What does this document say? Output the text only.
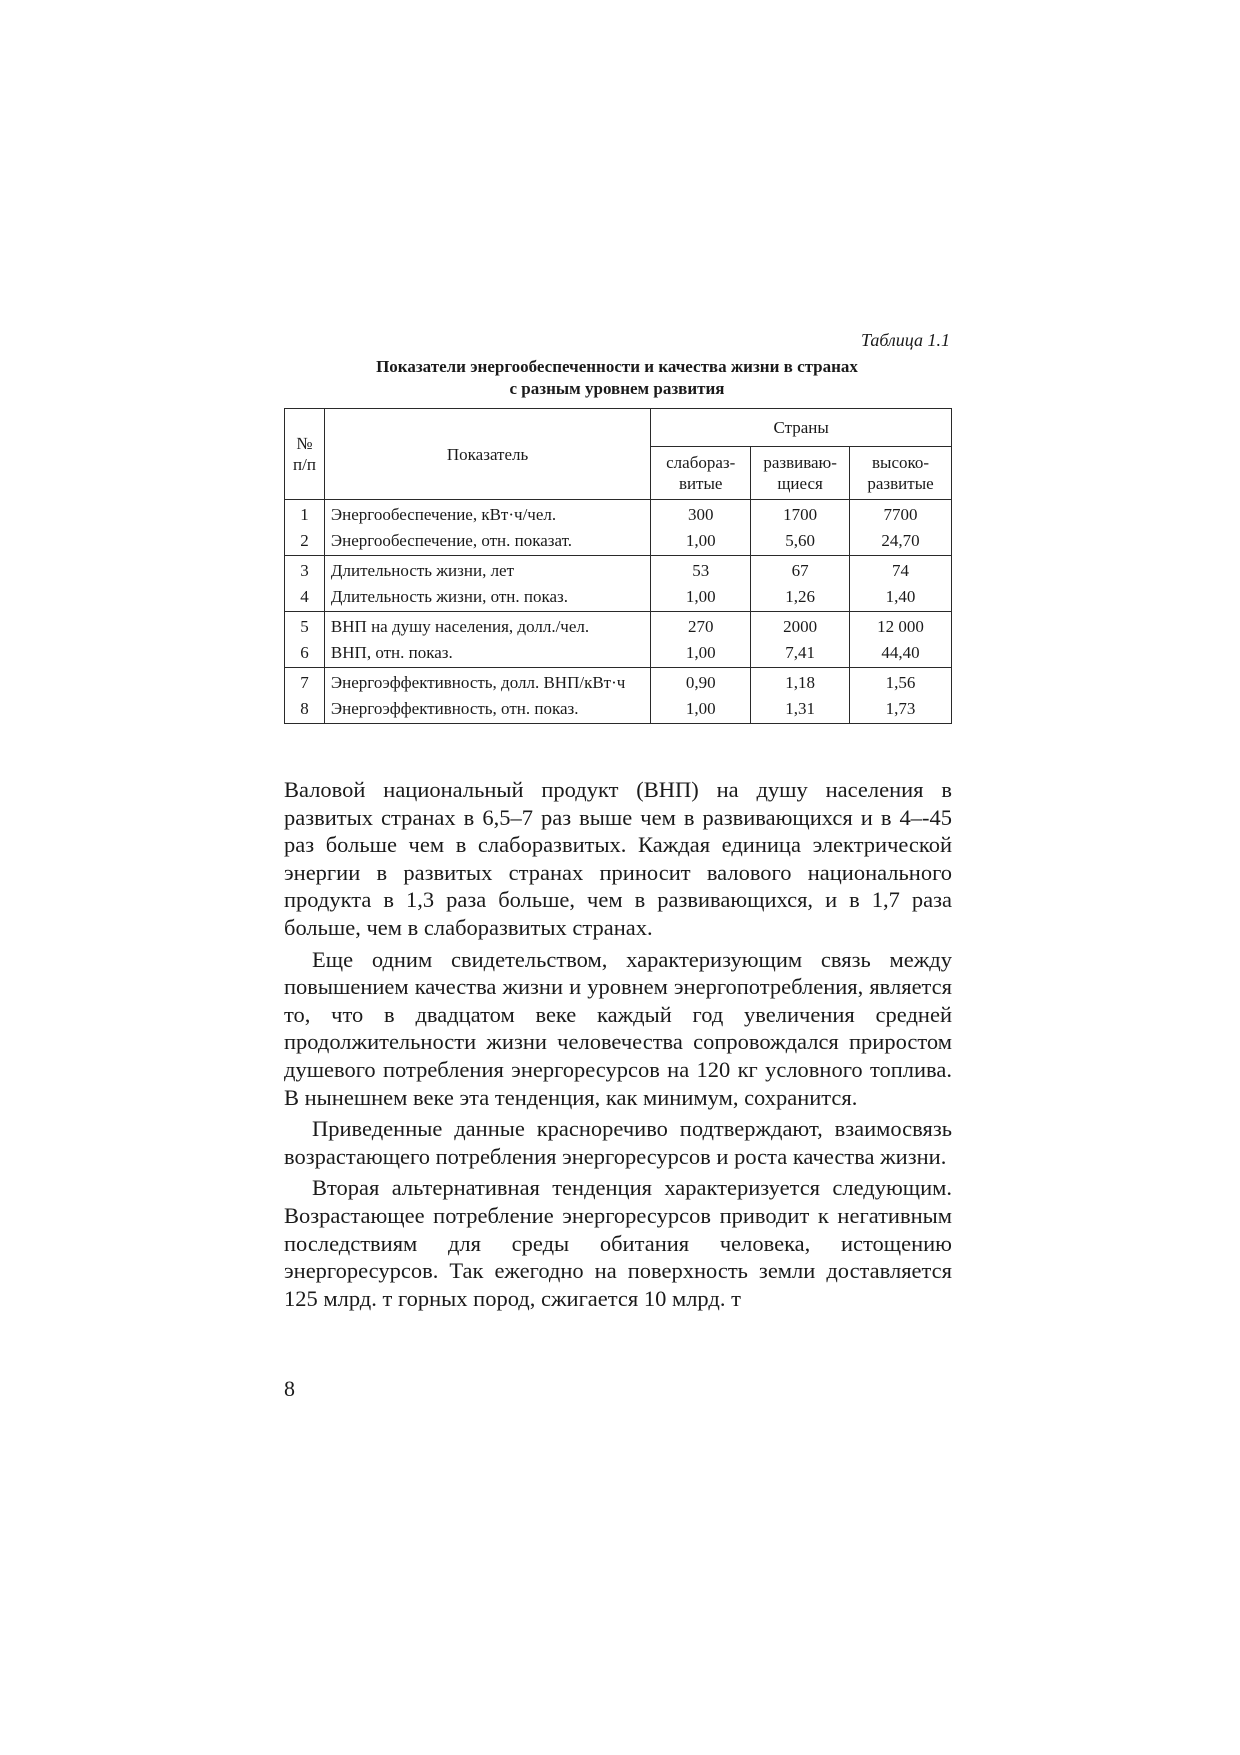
Таблица 1.1
Показатели энергообеспеченности и качества жизни в странах
с разным уровнем развития
№ п/п	Показатель	Страны		
		слабораз- витые	развиваю- щиеся	высоко- развитые
1	Энергообеспечение, кВт·ч/чел.	300	1700	7700
2	Энергообеспечение, отн. показат.	1,00	5,60	24,70
3	Длительность жизни, лет	53	67	74
4	Длительность жизни, отн. показ.	1,00	1,26	1,40
5	ВНП на душу населения, долл./чел.	270	2000	12 000
6	ВНП, отн. показ.	1,00	7,41	44,40
7	Энергоэффективность, долл. ВНП/кВт·ч	0,90	1,18	1,56
8	Энергоэффективность, отн. показ.	1,00	1,31	1,73

Валовой национальный продукт (ВНП) на душу населения в развитых странах в 6,5–7 раз выше чем в развивающихся и в 4–-45 раз больше чем в слаборазвитых. Каждая единица электрической энергии в развитых странах приносит валового национального продукта в 1,3 раза больше, чем в развивающихся, и в 1,7 раза больше, чем в слаборазвитых странах.

Еще одним свидетельством, характеризующим связь между повышением качества жизни и уровнем энергопотребления, является то, что в двадцатом веке каждый год увеличения средней продолжительности жизни человечества сопровождался приростом душевого потребления энергоресурсов на 120 кг условного топлива. В нынешнем веке эта тенденция, как минимум, сохранится.

Приведенные данные красноречиво подтверждают, взаимосвязь возрастающего потребления энергоресурсов и роста качества жизни.

Вторая альтернативная тенденция характеризуется следующим. Возрастающее потребление энергоресурсов приводит к негативным последствиям для среды обитания человека, истощению энергоресурсов. Так ежегодно на поверхность земли доставляется 125 млрд. т горных пород, сжигается 10 млрд. т

8
